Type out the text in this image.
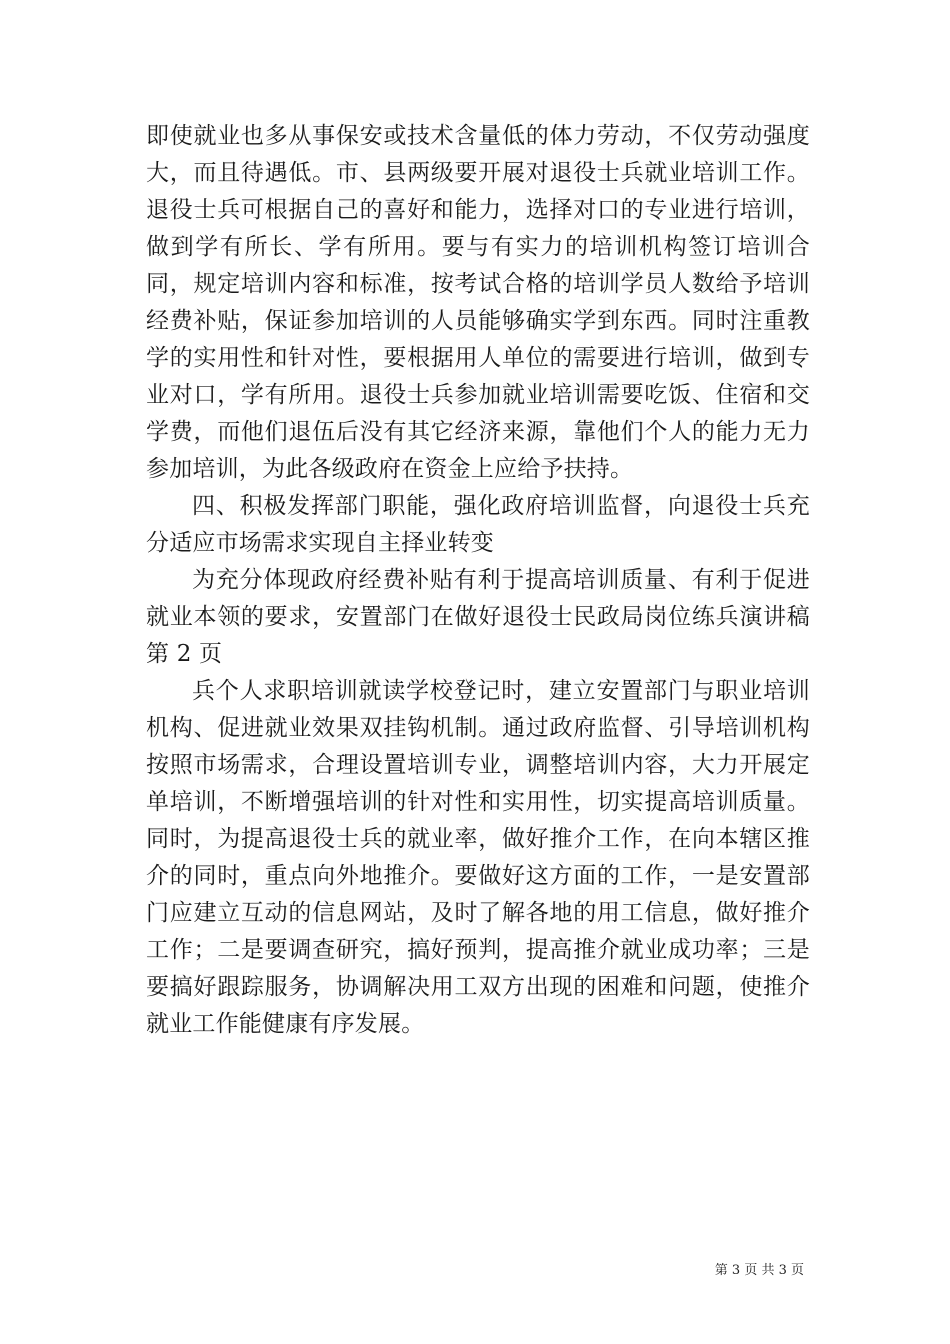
即使就业也多从事保安或技术含量低的体力劳动，不仅劳动强度大，而且待遇低。市、县两级要开展对退役士兵就业培训工作。退役士兵可根据自己的喜好和能力，选择对口的专业进行培训，做到学有所长、学有所用。要与有实力的培训机构签订培训合同，规定培训内容和标准，按考试合格的培训学员人数给予培训经费补贴，保证参加培训的人员能够确实学到东西。同时注重教学的实用性和针对性，要根据用人单位的需要进行培训，做到专业对口，学有所用。退役士兵参加就业培训需要吃饭、住宿和交学费，而他们退伍后没有其它经济来源，靠他们个人的能力无力参加培训，为此各级政府在资金上应给予扶持。

四、积极发挥部门职能，强化政府培训监督，向退役士兵充分适应市场需求实现自主择业转变

为充分体现政府经费补贴有利于提高培训质量、有利于促进就业本领的要求，安置部门在做好退役士民政局岗位练兵演讲稿第 2 页

兵个人求职培训就读学校登记时，建立安置部门与职业培训机构、促进就业效果双挂钩机制。通过政府监督、引导培训机构按照市场需求，合理设置培训专业，调整培训内容，大力开展定单培训，不断增强培训的针对性和实用性，切实提高培训质量。同时，为提高退役士兵的就业率，做好推介工作，在向本辖区推介的同时，重点向外地推介。要做好这方面的工作，一是安置部门应建立互动的信息网站，及时了解各地的用工信息，做好推介工作；二是要调查研究，搞好预判，提高推介就业成功率；三是要搞好跟踪服务，协调解决用工双方出现的困难和问题，使推介就业工作能健康有序发展。

第 3 页 共 3 页
